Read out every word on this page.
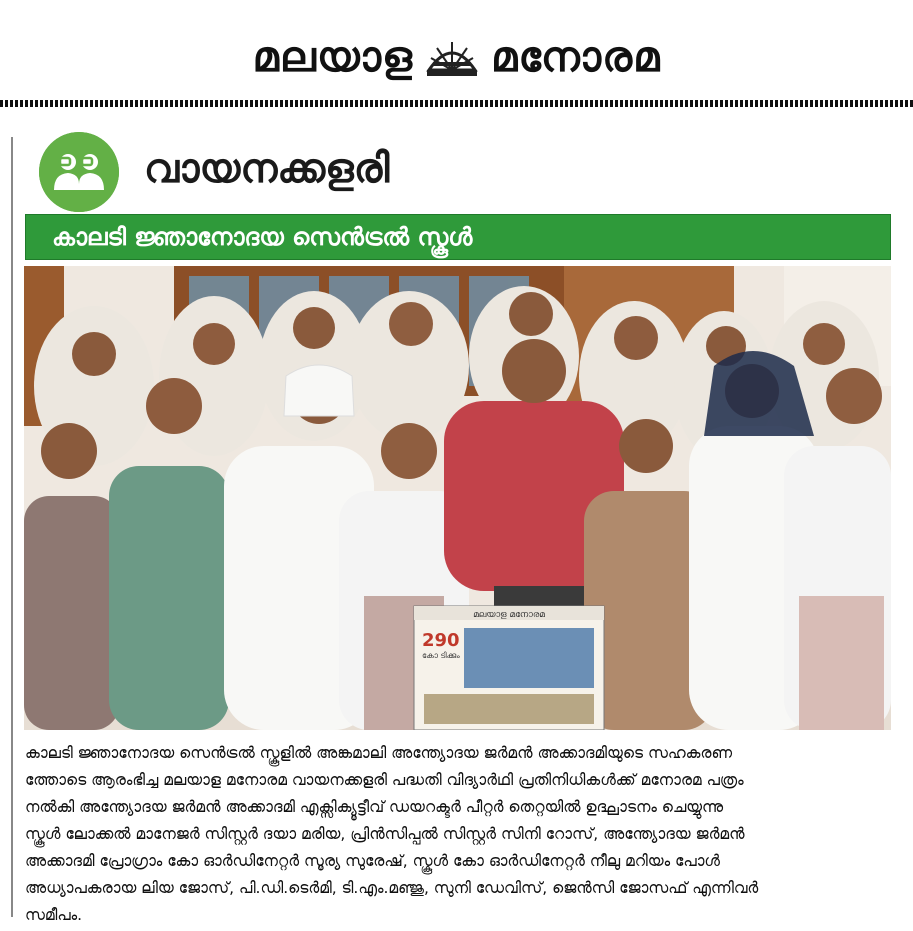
മലയാള മനോരമ
വായനക്കളരി
കാലടി ജ്ഞാനോദയ സെൻട്രൽ സ്കൂൾ
മലയാള മനോരമ
290
കോ ടിക്കും

കാലടി ജ്ഞാനോദയ സെൻട്രൽ സ്കൂളിൽ അങ്കമാലി അന്ത്യോദയ ജർമൻ അക്കാദമിയുടെ സഹകരണ
ത്തോടെ ആരംഭിച്ച മലയാള മനോരമ വായനക്കളരി പദ്ധതി വിദ്യാർഥി പ്രതിനിധികൾക്ക് മനോരമ പത്രം
നൽകി അന്ത്യോദയ ജർമൻ അക്കാദമി എക്സിക്യൂട്ടീവ് ഡയറക്ടർ പീറ്റർ തെറ്റയിൽ ഉദ്ഘാടനം ചെയ്യുന്നു
സ്കൂൾ ലോക്കൽ മാനേജർ സിസ്റ്റർ ദയാ മരിയ, പ്രിൻസിപ്പൽ സിസ്റ്റർ സിനി റോസ്, അന്ത്യോദയ ജർമൻ
അക്കാദമി പ്രോഗ്രാം കോ ഓർഡിനേറ്റർ സൂര്യ സുരേഷ്, സ്കൂൾ കോ ഓർഡിനേറ്റർ നീലു മറിയം പോൾ
അധ്യാപകരായ ലിയ ജോസ്, പി.ഡി.ടെർമി, ടി.എം.മഞ്ജു, സുനി ഡേവിസ്, ജെൻസി ജോസഫ് എന്നിവർ
സമീപം.
